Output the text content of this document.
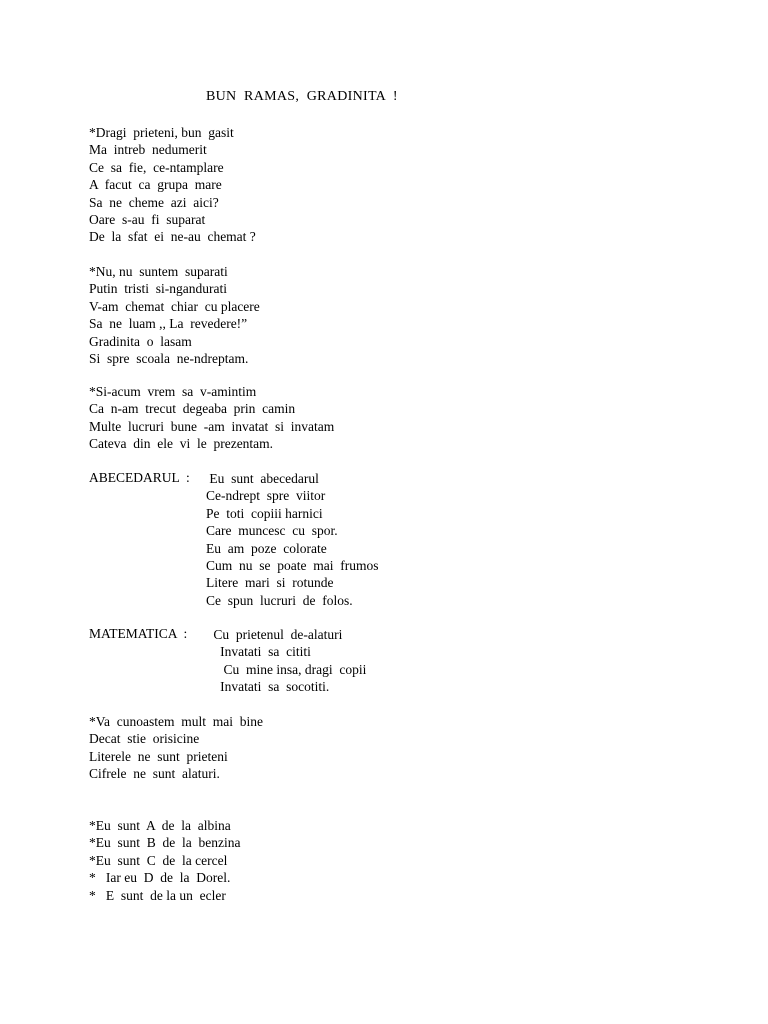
BUN  RAMAS,  GRADINITA  !
*Dragi  prieteni, bun  gasit
Ma  intreb  nedumerit
Ce  sa  fie,  ce-ntamplare
A  facut  ca  grupa  mare
Sa  ne  cheme  azi  aici?
Oare  s-au  fi  suparat
De  la  sfat  ei  ne-au  chemat ?
*Nu, nu  suntem  suparati
Putin  tristi  si-ngandurati
V-am  chemat  chiar  cu placere
Sa  ne  luam ,, La  revedere!”
Gradinita  o  lasam
Si  spre  scoala  ne-ndreptam.
*Si-acum  vrem  sa  v-amintim
Ca  n-am  trecut  degeaba  prin  camin
Multe  lucruri  bune  -am  invatat  si  invatam
Cateva  din  ele  vi  le  prezentam.
ABECEDARUL  :	Eu  sunt  abecedarul
Ce-ndrept  spre  viitor
Pe  toti  copiii harnici
Care  muncesc  cu  spor.
Eu  am  poze  colorate
Cum  nu  se  poate  mai  frumos
Litere  mari  si  rotunde
Ce  spun  lucruri  de  folos.
MATEMATICA  :	Cu  prietenul  de-alaturi
Invatati  sa  cititi
Cu  mine insa, dragi  copii
Invatati  sa  socotiti.
*Va  cunoastem  mult  mai  bine
Decat  stie  orisicine
Literele  ne  sunt  prieteni
Cifrele  ne  sunt  alaturi.
*Eu  sunt  A  de  la  albina
*Eu  sunt  B  de  la  benzina
*Eu  sunt  C  de  la cercel
*   Iar eu  D  de  la  Dorel.
*   E  sunt  de la un  ecler
